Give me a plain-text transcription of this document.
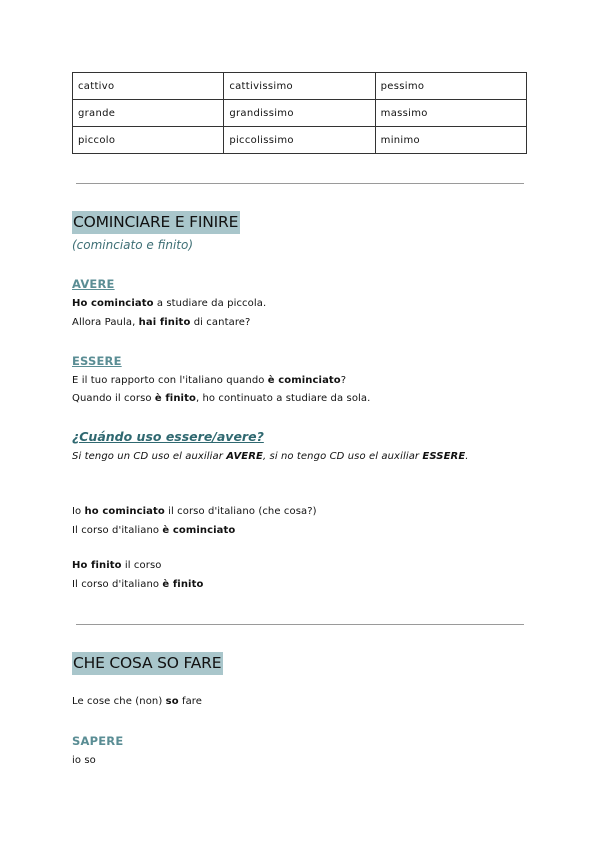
cattivo	cattivissimo	pessimo
grande	grandissimo	massimo
piccolo	piccolissimo	minimo
COMINCIARE E FINIRE
(cominciato e finito)
AVERE
Ho cominciato a studiare da piccola.
Allora Paula, hai finito di cantare?
ESSERE
E il tuo rapporto con l'italiano quando è cominciato?
Quando il corso è finito, ho continuato a studiare da sola.
¿Cuándo uso essere/avere?
Si tengo un CD uso el auxiliar AVERE, si no tengo CD uso el auxiliar ESSERE.
Io ho cominciato il corso d'italiano (che cosa?)
Il corso d'italiano è cominciato
Ho finito il corso
Il corso d'italiano è finito
CHE COSA SO FARE
Le cose che (non) so fare
SAPERE
io so
